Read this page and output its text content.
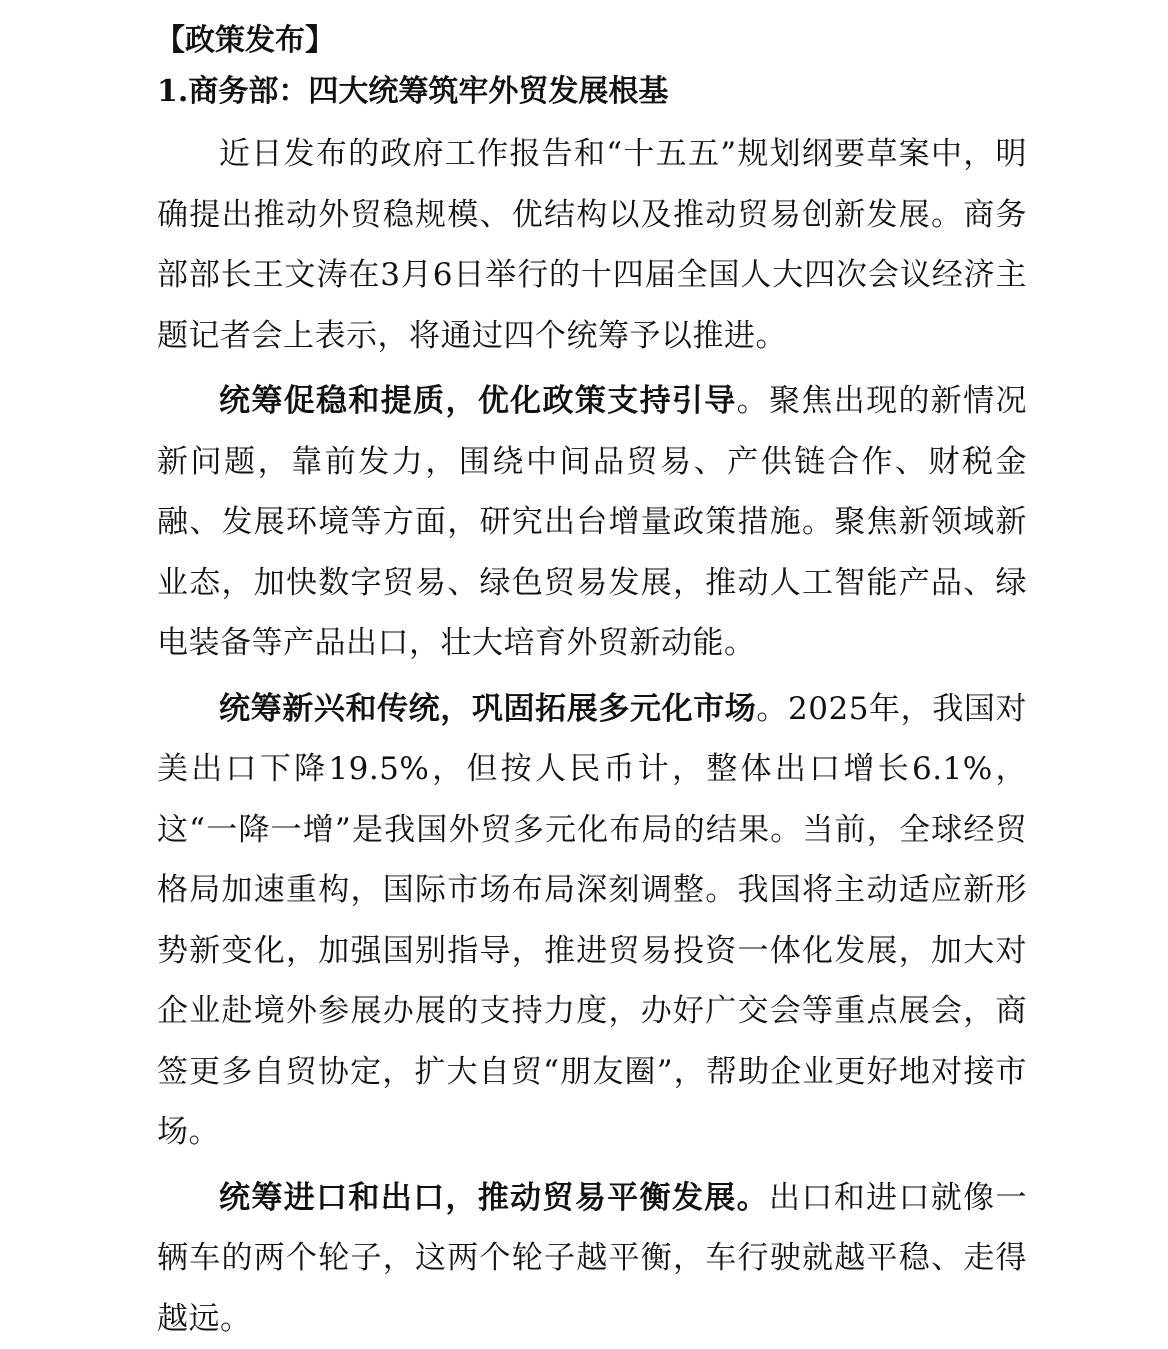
【政策发布】
1.商务部：四大统筹筑牢外贸发展根基

近日发布的政府工作报告和“十五五”规划纲要草案中，明确提出推动外贸稳规模、优结构以及推动贸易创新发展。商务部部长王文涛在3月6日举行的十四届全国人大四次会议经济主题记者会上表示，将通过四个统筹予以推进。

统筹促稳和提质，优化政策支持引导。聚焦出现的新情况新问题，靠前发力，围绕中间品贸易、产供链合作、财税金融、发展环境等方面，研究出台增量政策措施。聚焦新领域新业态，加快数字贸易、绿色贸易发展，推动人工智能产品、绿电装备等产品出口，壮大培育外贸新动能。

统筹新兴和传统，巩固拓展多元化市场。2025年，我国对美出口下降19.5%，但按人民币计，整体出口增长6.1%，这“一降一增”是我国外贸多元化布局的结果。当前，全球经贸格局加速重构，国际市场布局深刻调整。我国将主动适应新形势新变化，加强国别指导，推进贸易投资一体化发展，加大对企业赴境外参展办展的支持力度，办好广交会等重点展会，商签更多自贸协定，扩大自贸“朋友圈”，帮助企业更好地对接市场。

统筹进口和出口，推动贸易平衡发展。出口和进口就像一辆车的两个轮子，这两个轮子越平衡，车行驶就越平稳、走得越远。
